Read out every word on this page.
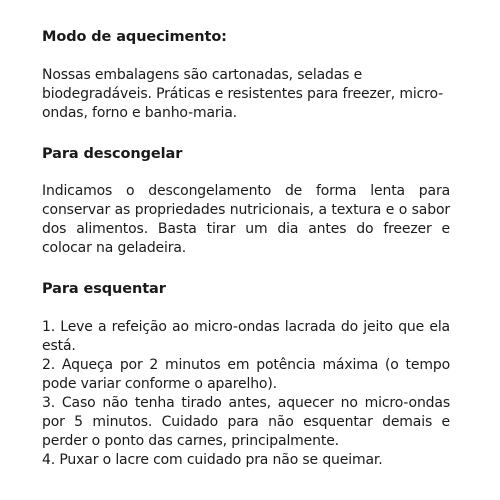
Modo de aquecimento:

Nossas embalagens são cartonadas, seladas e biodegradáveis. Práticas e resistentes para freezer, micro-ondas, forno e banho-maria.

Para descongelar

Indicamos o descongelamento de forma lenta para conservar as propriedades nutricionais, a textura e o sabor dos alimentos. Basta tirar um dia antes do freezer e colocar na geladeira.

Para esquentar

1. Leve a refeição ao micro-ondas lacrada do jeito que ela está.
2. Aqueça por 2 minutos em potência máxima (o tempo pode variar conforme o aparelho).
3. Caso não tenha tirado antes, aquecer no micro-ondas por 5 minutos. Cuidado para não esquentar demais e perder o ponto das carnes, principalmente.
4. Puxar o lacre com cuidado pra não se queimar.
